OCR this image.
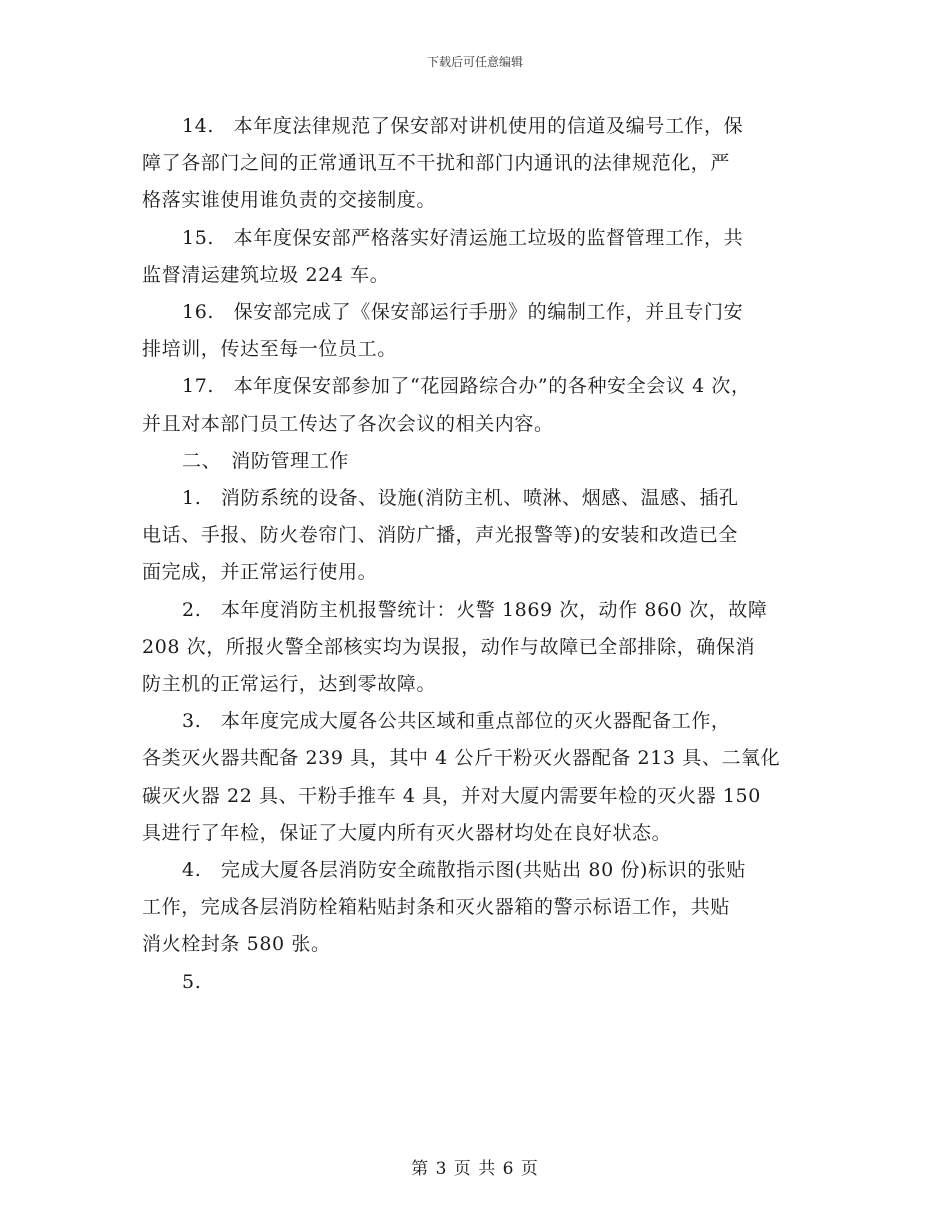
下载后可任意编辑

14.　本年度法律规范了保安部对讲机使用的信道及编号工作，保
障了各部门之间的正常通讯互不干扰和部门内通讯的法律规范化，严
格落实谁使用谁负责的交接制度。

15.　本年度保安部严格落实好清运施工垃圾的监督管理工作，共
监督清运建筑垃圾 224 车。

16.　保安部完成了《保安部运行手册》的编制工作，并且专门安
排培训，传达至每一位员工。

17.　本年度保安部参加了“花园路综合办”的各种安全会议 4 次，
并且对本部门员工传达了各次会议的相关内容。

二、　消防管理工作

1.　消防系统的设备、设施(消防主机、喷淋、烟感、温感、插孔
电话、手报、防火卷帘门、消防广播，声光报警等)的安装和改造已全
面完成，并正常运行使用。

2.　本年度消防主机报警统计：火警 1869 次，动作 860 次，故障
208 次，所报火警全部核实均为误报，动作与故障已全部排除，确保消
防主机的正常运行，达到零故障。

3.　本年度完成大厦各公共区域和重点部位的灭火器配备工作，
各类灭火器共配备 239 具，其中 4 公斤干粉灭火器配备 213 具、二氧化
碳灭火器 22 具、干粉手推车 4 具，并对大厦内需要年检的灭火器 150
具进行了年检，保证了大厦内所有灭火器材均处在良好状态。

4.　完成大厦各层消防安全疏散指示图(共贴出 80 份)标识的张贴
工作，完成各层消防栓箱粘贴封条和灭火器箱的警示标语工作，共贴
消火栓封条 580 张。

5.

第 3 页 共 6 页
